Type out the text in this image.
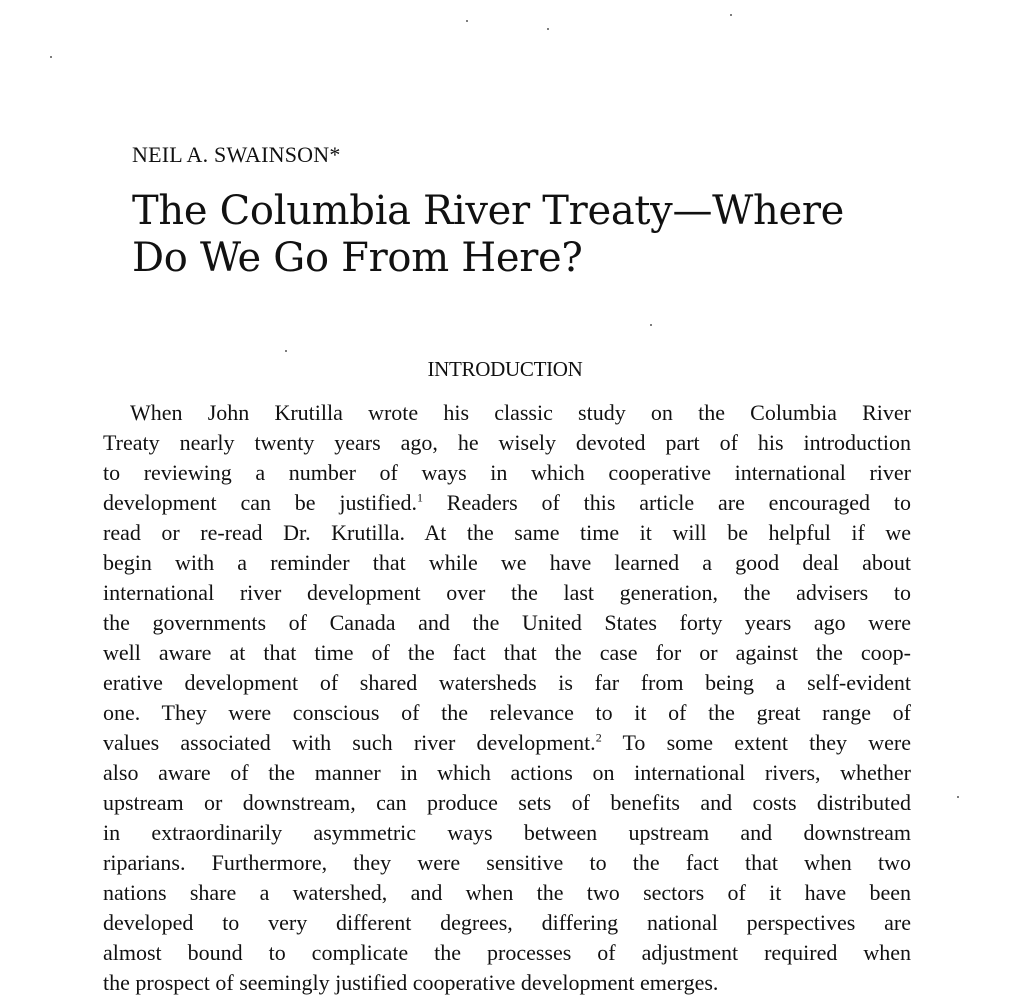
NEIL A. SWAINSON*
The Columbia River Treaty—Where
Do We Go From Here?
INTRODUCTION
When John Krutilla wrote his classic study on the Columbia River
Treaty nearly twenty years ago, he wisely devoted part of his introduction
to reviewing a number of ways in which cooperative international river
development can be justified.$^1$ Readers of this article are encouraged to
read or re-read Dr. Krutilla. At the same time it will be helpful if we
begin with a reminder that while we have learned a good deal about
international river development over the last generation, the advisers to
the governments of Canada and the United States forty years ago were
well aware at that time of the fact that the case for or against the coop-
erative development of shared watersheds is far from being a self-evident
one. They were conscious of the relevance to it of the great range of
values associated with such river development.$^2$ To some extent they were
also aware of the manner in which actions on international rivers, whether
upstream or downstream, can produce sets of benefits and costs distributed
in extraordinarily asymmetric ways between upstream and downstream
riparians. Furthermore, they were sensitive to the fact that when two
nations share a watershed, and when the two sectors of it have been
developed to very different degrees, differing national perspectives are
almost bound to complicate the processes of adjustment required when
the prospect of seemingly justified cooperative development emerges.
